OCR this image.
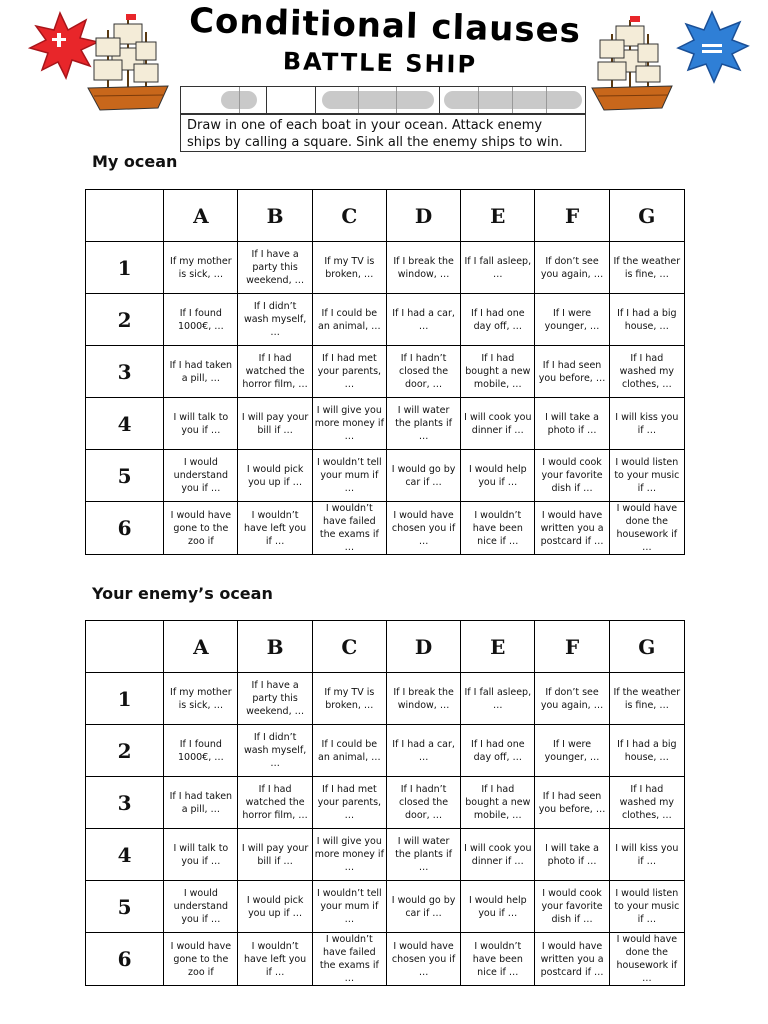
Conditional clauses
BATTLE SHIP
Draw in one of each boat in your ocean. Attack enemy ships by calling a square. Sink all the enemy ships to win.
My ocean
	A	B	C	D	E	F	G
1	If my mother is sick, …	If I have a party this weekend, …	If my TV is broken, …	If I break the window, …	If I fall asleep, …	If don’t see you again, …	If the weather is fine, …
2	If I found 1000€, …	If I didn’t wash myself, …	If I could be an animal, …	If I had a car, …	If I had one day off, …	If I were younger, …	If I had a big house, …
3	If I had taken a pill, …	If I had watched the horror film, …	If I had met your parents, …	If I hadn’t closed the door, …	If I had bought a new mobile, …	If I had seen you before, …	If I had washed my clothes, …
4	I will talk to you if …	I will pay your bill if …	I will give you more money if …	I will water the plants if …	I will cook you dinner if …	I will take a photo if …	I will kiss you if …
5	I would understand you if …	I would pick you up if …	I wouldn’t tell your mum if …	I would go by car if …	I would help you if …	I would cook your favorite dish if …	I would listen to your music if …
6	I would have gone to the zoo if	I wouldn’t have left you if …	I wouldn’t have failed the exams if …	I would have chosen you if …	I wouldn’t have been nice if …	I would have written you a postcard if …	I would have done the housework if …
Your enemy’s ocean
	A	B	C	D	E	F	G
1	If my mother is sick, …	If I have a party this weekend, …	If my TV is broken, …	If I break the window, …	If I fall asleep, …	If don’t see you again, …	If the weather is fine, …
2	If I found 1000€, …	If I didn’t wash myself, …	If I could be an animal, …	If I had a car, …	If I had one day off, …	If I were younger, …	If I had a big house, …
3	If I had taken a pill, …	If I had watched the horror film, …	If I had met your parents, …	If I hadn’t closed the door, …	If I had bought a new mobile, …	If I had seen you before, …	If I had washed my clothes, …
4	I will talk to you if …	I will pay your bill if …	I will give you more money if …	I will water the plants if …	I will cook you dinner if …	I will take a photo if …	I will kiss you if …
5	I would understand you if …	I would pick you up if …	I wouldn’t tell your mum if …	I would go by car if …	I would help you if …	I would cook your favorite dish if …	I would listen to your music if …
6	I would have gone to the zoo if	I wouldn’t have left you if …	I wouldn’t have failed the exams if …	I would have chosen you if …	I wouldn’t have been nice if …	I would have written you a postcard if …	I would have done the housework if …
